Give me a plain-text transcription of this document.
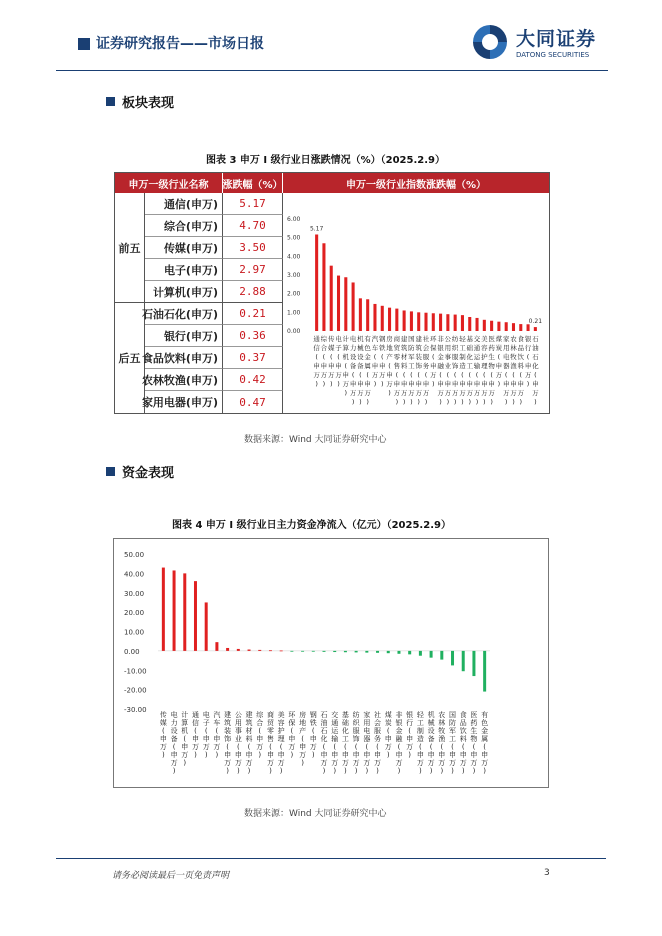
证券研究报告——市场日报	大同证券
DATONG SECURITIES
板块表现
图表 3 申万 I 级行业日涨跌情况（%）（2025.2.9）
申万一级行业名称	涨跌幅（%）	申万一级行业指数涨跌幅（%）
前五
后五
通信(申万)	5.17
综合(申万)	4.70
传媒(申万)	3.50
电子(申万)	2.97
计算机(申万)	2.88
石油石化(申万)	0.21
银行(申万)	0.36
食品饮料(申万)	0.37
农林牧渔(申万)	0.42
家用电器(申万)	0.47
6.00
5.00
4.00
3.00
2.00
1.00
0.00
通
信
(
申
万
)
综
合
(
申
万
)
传
媒
(
申
万
)
电
子
(
申
万
)
计
算
机
(
申
万
)
电
力
设
备
(
申
万
)
机
械
设
备
(
申
万
)
有
色
金
属
(
申
万
)
汽
车
(
申
万
)
钢
铁
(
申
万
)
房
地
产
(
申
万
)
商
贸
零
售
(
申
万
)
建
筑
材
料
(
申
万
)
国
防
军
工
(
申
万
)
建
筑
装
饰
(
申
万
)
社
会
服
务
(
申
万
)
环
保
(
申
万
)
非
银
金
融
(
申
万
)
公
用
事
业
(
申
万
)
纺
织
服
饰
(
申
万
)
轻
工
制
造
(
申
万
)
基
础
化
工
(
申
万
)
交
通
运
输
(
申
万
)
美
容
护
理
(
申
万
)
医
药
生
物
(
申
万
)
煤
炭
(
申
万
)
家
用
电
器
(
申
万
)
农
林
牧
渔
(
申
万
)
食
品
饮
料
(
申
万
)
银
行
(
申
万
)
石
油
石
化
(
申
万
)
5.17
0.21
数据来源：Wind 大同证券研究中心
资金表现
图表 4 申万 I 级行业日主力资金净流入（亿元）（2025.2.9）
50.00
40.00
30.00
20.00
10.00
0.00
-10.00
-20.00
-30.00
传
媒
(
申
万
)
电
力
设
备
(
申
万
)
计
算
机
(
申
万
)
通
信
(
申
万
)
电
子
(
申
万
)
汽
车
(
申
万
)
建
筑
装
饰
(
申
万
)
公
用
事
业
(
申
万
)
建
筑
材
料
(
申
万
)
综
合
(
申
万
)
商
贸
零
售
(
申
万
)
美
容
护
理
(
申
万
)
环
保
(
申
万
)
房
地
产
(
申
万
)
钢
铁
(
申
万
)
石
油
石
化
(
申
万
)
交
通
运
输
(
申
万
)
基
础
化
工
(
申
万
)
纺
织
服
饰
(
申
万
)
家
用
电
器
(
申
万
)
社
会
服
务
(
申
万
)
煤
炭
(
申
万
)
非
银
金
融
(
申
万
)
银
行
(
申
万
)
轻
工
制
造
(
申
万
)
机
械
设
备
(
申
万
)
农
林
牧
渔
(
申
万
)
国
防
军
工
(
申
万
)
食
品
饮
料
(
申
万
)
医
药
生
物
(
申
万
)
有
色
金
属
(
申
万
)
数据来源：Wind 大同证券研究中心
请务必阅读最后一页免责声明	3
